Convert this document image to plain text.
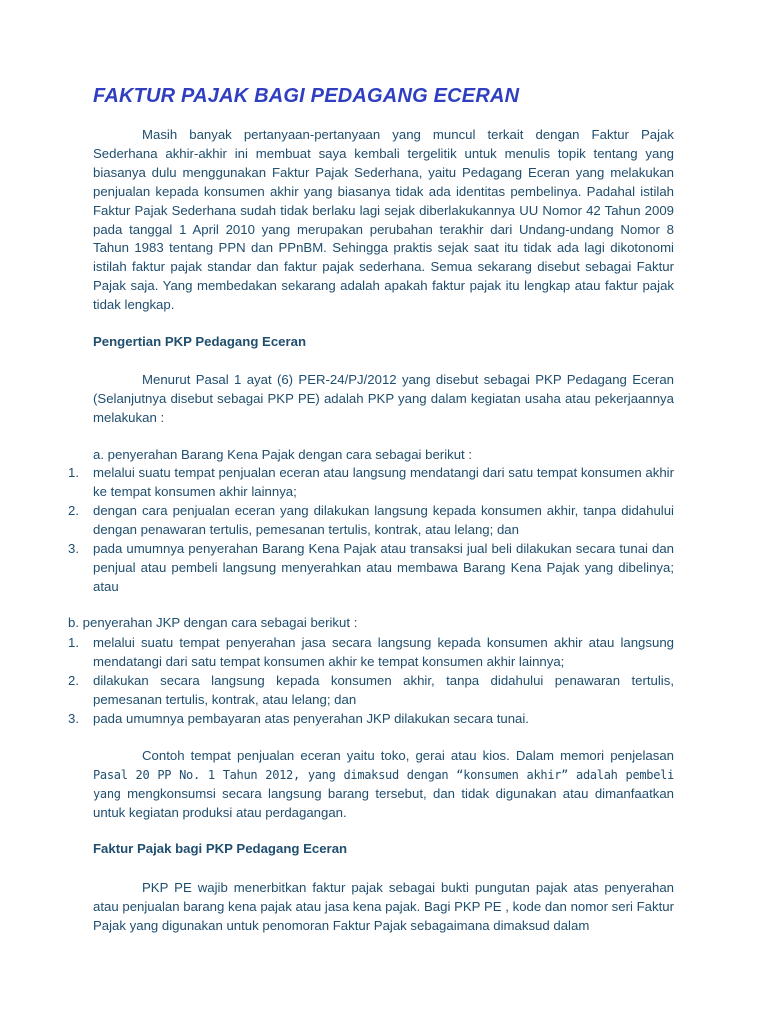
FAKTUR PAJAK BAGI PEDAGANG ECERAN

Masih banyak pertanyaan-pertanyaan yang muncul terkait dengan Faktur Pajak Sederhana akhir-akhir ini membuat saya kembali tergelitik untuk menulis topik tentang yang biasanya dulu menggunakan Faktur Pajak Sederhana, yaitu Pedagang Eceran yang melakukan penjualan kepada konsumen akhir yang biasanya tidak ada identitas pembelinya. Padahal istilah Faktur Pajak Sederhana sudah tidak berlaku lagi sejak diberlakukannya UU Nomor 42 Tahun 2009 pada tanggal 1 April 2010 yang merupakan perubahan terakhir dari Undang-undang Nomor 8 Tahun 1983 tentang PPN dan PPnBM. Sehingga praktis sejak saat itu tidak ada lagi dikotonomi istilah faktur pajak standar dan faktur pajak sederhana. Semua sekarang disebut sebagai Faktur Pajak saja. Yang membedakan sekarang adalah apakah faktur pajak itu lengkap atau faktur pajak tidak lengkap.

Pengertian PKP Pedagang Eceran

Menurut Pasal 1 ayat (6) PER-24/PJ/2012 yang disebut sebagai PKP Pedagang Eceran (Selanjutnya disebut sebagai PKP PE) adalah PKP yang dalam kegiatan usaha atau pekerjaannya melakukan :

a. penyerahan Barang Kena Pajak dengan cara sebagai berikut :

1.	melalui suatu tempat penjualan eceran atau langsung mendatangi dari satu tempat konsumen akhir ke tempat konsumen akhir lainnya;
2.	dengan cara penjualan eceran yang dilakukan langsung kepada konsumen akhir, tanpa didahului dengan penawaran tertulis, pemesanan tertulis, kontrak, atau lelang; dan
3.	pada umumnya penyerahan Barang Kena Pajak atau transaksi jual beli dilakukan secara tunai dan penjual atau pembeli langsung menyerahkan atau membawa Barang Kena Pajak yang dibelinya; atau

b. penyerahan JKP dengan cara sebagai berikut :

1.	melalui suatu tempat penyerahan jasa secara langsung kepada konsumen akhir atau langsung mendatangi dari satu tempat konsumen akhir ke tempat konsumen akhir lainnya;
2.	dilakukan secara langsung kepada konsumen akhir, tanpa didahului penawaran tertulis, pemesanan tertulis, kontrak, atau lelang; dan
3.	pada umumnya pembayaran atas penyerahan JKP dilakukan secara tunai.

Contoh tempat penjualan eceran yaitu toko, gerai atau kios. Dalam memori penjelasan Pasal 20 PP No. 1 Tahun 2012, yang dimaksud dengan “konsumen akhir” adalah pembeli yang mengkonsumsi secara langsung barang tersebut, dan tidak digunakan atau dimanfaatkan untuk kegiatan produksi atau perdagangan.

Faktur Pajak bagi PKP Pedagang Eceran

PKP PE wajib menerbitkan faktur pajak sebagai bukti pungutan pajak atas penyerahan atau penjualan barang kena pajak atau jasa kena pajak. Bagi PKP PE , kode dan nomor seri Faktur Pajak yang digunakan untuk penomoran Faktur Pajak sebagaimana dimaksud dalam
